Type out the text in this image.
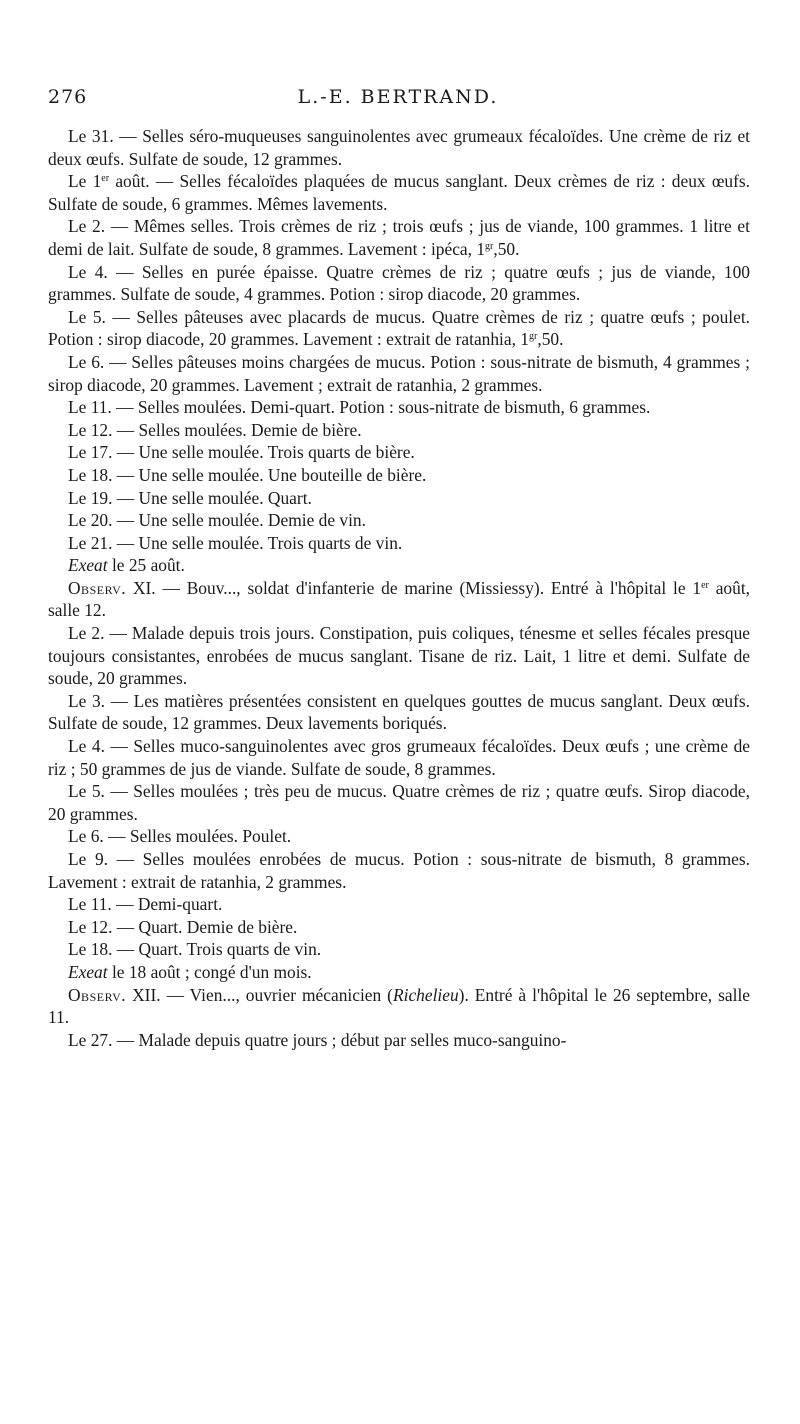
276	L.-E. BERTRAND.

Le 31. — Selles séro-muqueuses sanguinolentes avec grumeaux fécaloïdes. Une crème de riz et deux œufs. Sulfate de soude, 12 grammes.

Le 1er août. — Selles fécaloïdes plaquées de mucus sanglant. Deux crèmes de riz : deux œufs. Sulfate de soude, 6 grammes. Mêmes lavements.

Le 2. — Mêmes selles. Trois crèmes de riz ; trois œufs ; jus de viande, 100 grammes. 1 litre et demi de lait. Sulfate de soude, 8 grammes. Lavement : ipéca, $1^{gr},50$.

Le 4. — Selles en purée épaisse. Quatre crèmes de riz ; quatre œufs ; jus de viande, 100 grammes. Sulfate de soude, 4 grammes. Potion : sirop diacode, 20 grammes.

Le 5. — Selles pâteuses avec placards de mucus. Quatre crèmes de riz ; quatre œufs ; poulet. Potion : sirop diacode, 20 grammes. Lavement : extrait de ratanhia, $1^{gr},50$.

Le 6. — Selles pâteuses moins chargées de mucus. Potion : sous-nitrate de bismuth, 4 grammes ; sirop diacode, 20 grammes. Lavement ; extrait de ratanhia, 2 grammes.

Le 11. — Selles moulées. Demi-quart. Potion : sous-nitrate de bismuth, 6 grammes.

Le 12. — Selles moulées. Demie de bière.

Le 17. — Une selle moulée. Trois quarts de bière.

Le 18. — Une selle moulée. Une bouteille de bière.

Le 19. — Une selle moulée. Quart.

Le 20. — Une selle moulée. Demie de vin.

Le 21. — Une selle moulée. Trois quarts de vin.

Exeat le 25 août.

Observ. XI. — Bouv..., soldat d'infanterie de marine (Missiessy). Entré à l'hôpital le 1er août, salle 12.

Le 2. — Malade depuis trois jours. Constipation, puis coliques, ténesme et selles fécales presque toujours consistantes, enrobées de mucus sanglant. Tisane de riz. Lait, 1 litre et demi. Sulfate de soude, 20 grammes.

Le 3. — Les matières présentées consistent en quelques gouttes de mucus sanglant. Deux œufs. Sulfate de soude, 12 grammes. Deux lavements boriqués.

Le 4. — Selles muco-sanguinolentes avec gros grumeaux fécaloïdes. Deux œufs ; une crème de riz ; 50 grammes de jus de viande. Sulfate de soude, 8 grammes.

Le 5. — Selles moulées ; très peu de mucus. Quatre crèmes de riz ; quatre œufs. Sirop diacode, 20 grammes.

Le 6. — Selles moulées. Poulet.

Le 9. — Selles moulées enrobées de mucus. Potion : sous-nitrate de bismuth, 8 grammes. Lavement : extrait de ratanhia, 2 grammes.

Le 11. — Demi-quart.

Le 12. — Quart. Demie de bière.

Le 18. — Quart. Trois quarts de vin.

Exeat le 18 août ; congé d'un mois.

Observ. XII. — Vien..., ouvrier mécanicien (Richelieu). Entré à l'hôpital le 26 septembre, salle 11.

Le 27. — Malade depuis quatre jours ; début par selles muco-sanguino-
